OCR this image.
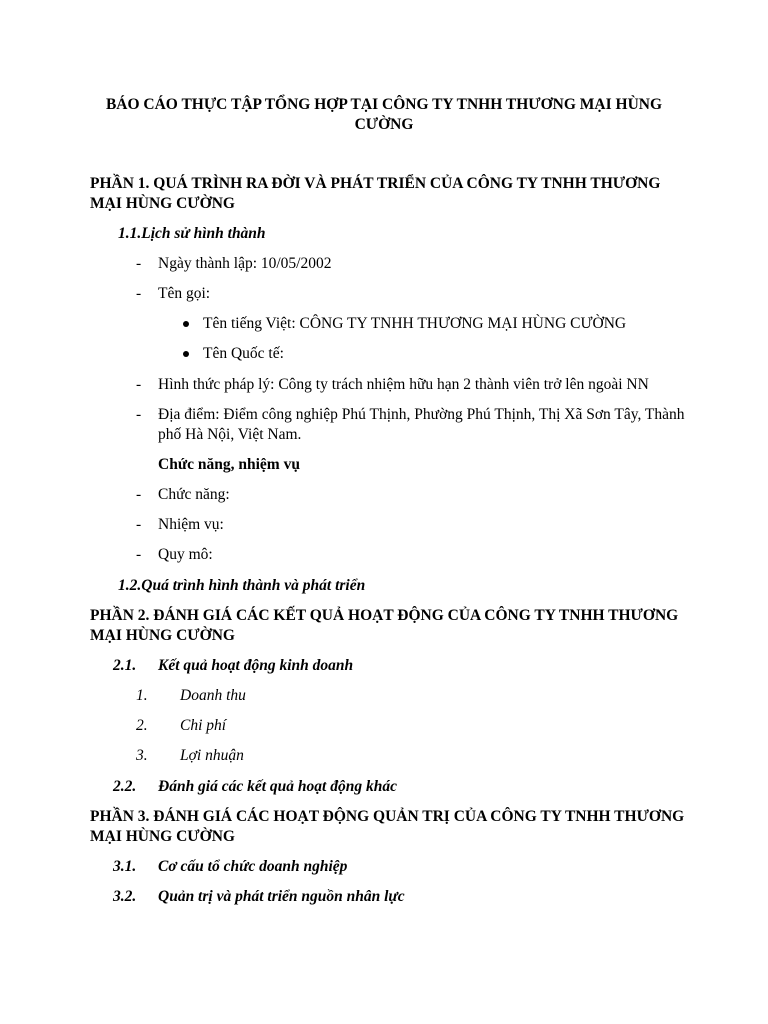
BÁO CÁO THỰC TẬP TỔNG HỢP TẠI CÔNG TY TNHH THƯƠNG MẠI HÙNG CƯỜNG
PHẦN 1. QUÁ TRÌNH RA ĐỜI VÀ PHÁT TRIỂN CỦA CÔNG TY TNHH THƯƠNG MẠI HÙNG CƯỜNG
1.1.Lịch sử hình thành
- Ngày thành lập: 10/05/2002
- Tên gọi:
Tên tiếng Việt: CÔNG TY TNHH THƯƠNG MẠI HÙNG CƯỜNG
Tên Quốc tế:
- Hình thức pháp lý: Công ty trách nhiệm hữu hạn 2 thành viên trở lên ngoài NN
- Địa điểm: Điểm công nghiệp Phú Thịnh, Phường Phú Thịnh, Thị Xã Sơn Tây, Thành phố Hà Nội, Việt Nam.
Chức năng, nhiệm vụ
- Chức năng:
- Nhiệm vụ:
- Quy mô:
1.2.Quá trình hình thành và phát triển
PHẦN 2. ĐÁNH GIÁ CÁC KẾT QUẢ HOẠT ĐỘNG CỦA CÔNG TY TNHH THƯƠNG MẠI HÙNG CƯỜNG
2.1. Kết quả hoạt động kinh doanh
1. Doanh thu
2. Chi phí
3. Lợi nhuận
2.2. Đánh giá các kết quả hoạt động khác
PHẦN 3. ĐÁNH GIÁ CÁC HOẠT ĐỘNG QUẢN TRỊ CỦA CÔNG TY TNHH THƯƠNG MẠI HÙNG CƯỜNG
3.1. Cơ cấu tổ chức doanh nghiệp
3.2. Quản trị và phát triển nguồn nhân lực
